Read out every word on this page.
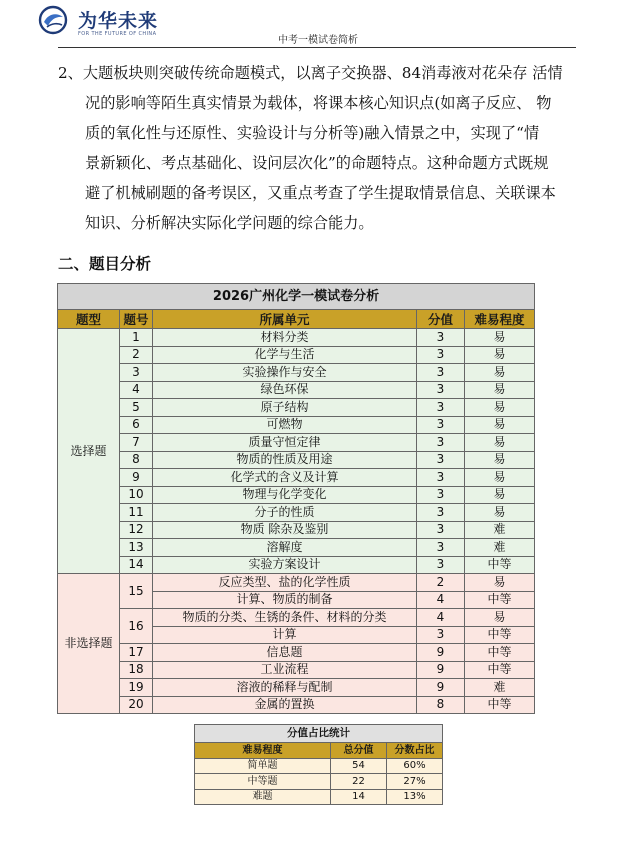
为华未来
FOR THE FUTURE OF CHINA
中考一模试卷简析
2、大题板块则突破传统命题模式，以离子交换器、84消毒液对花朵存 活情
况的影响等陌生真实情景为载体，将课本核心知识点(如离子反应、 物
质的氧化性与还原性、实验设计与分析等)融入情景之中，实现了“情
景新颖化、考点基础化、设问层次化”的命题特点。这种命题方式既规
避了机械刷题的备考误区，又重点考查了学生提取情景信息、关联课本
知识、分析解决实际化学问题的综合能力。
二、题目分析
2026广州化学一模试卷分析				
题型	题号	所属单元	分值	难易程度
选择题	1	材料分类	3	易
	2	化学与生活	3	易
	3	实验操作与安全	3	易
	4	绿色环保	3	易
	5	原子结构	3	易
	6	可燃物	3	易
	7	质量守恒定律	3	易
	8	物质的性质及用途	3	易
	9	化学式的含义及计算	3	易
	10	物理与化学变化	3	易
	11	分子的性质	3	易
	12	物质 除杂及鉴别	3	难
	13	溶解度	3	难
	14	实验方案设计	3	中等
非选择题	15	反应类型、盐的化学性质	2	易
		计算、物质的制备	4	中等
	16	物质的分类、生锈的条件、材料的分类	4	易
		计算	3	中等
	17	信息题	9	中等
	18	工业流程	9	中等
	19	溶液的稀释与配制	9	难
	20	金属的置换	8	中等
分值占比统计		
难易程度	总分值	分数占比
简单题	54	60%
中等题	22	27%
难题	14	13%
